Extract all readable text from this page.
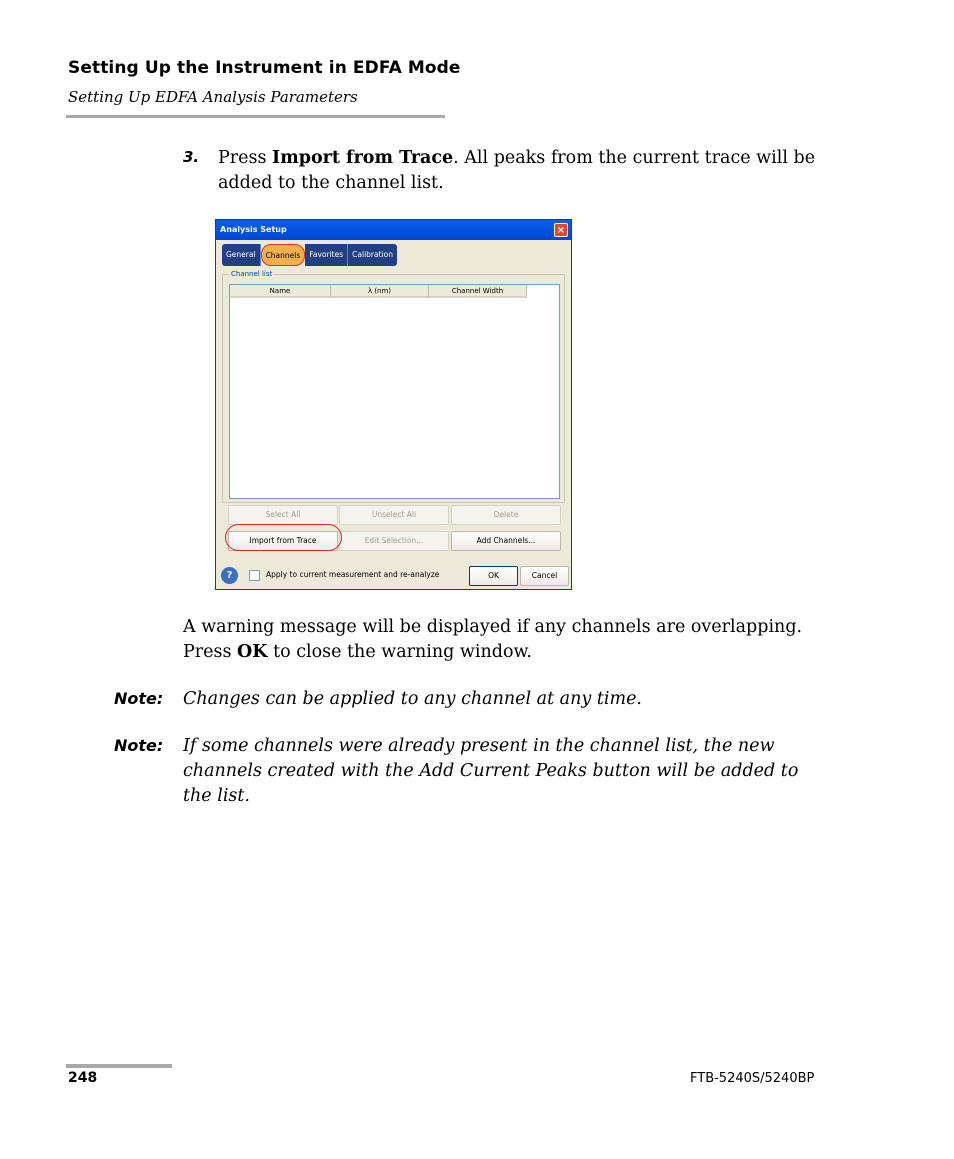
Setting Up the Instrument in EDFA Mode
Setting Up EDFA Analysis Parameters
3. Press Import from Trace. All peaks from the current trace will be added to the channel list.
Analysis Setup	×
General	Channels	Favorites	Calibration
Channel list
Name	λ (nm)	Channel Width
Select All	Unselect All	Delete
Import from Trace	Edit Selection...	Add Channels...
?	Apply to current measurement and re-analyze	OK	Cancel
A warning message will be displayed if any channels are overlapping. Press OK to close the warning window.
Note: Changes can be applied to any channel at any time.
Note: If some channels were already present in the channel list, the new channels created with the Add Current Peaks button will be added to the list.
248	FTB-5240S/5240BP
